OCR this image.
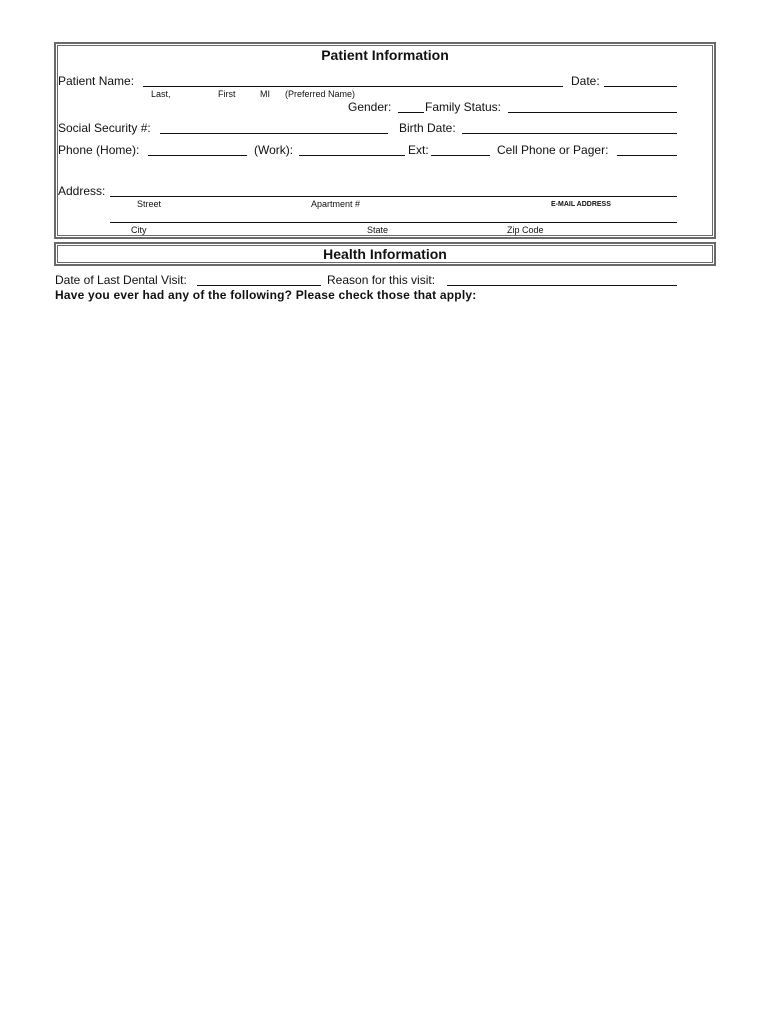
Patient Information
Patient Name:	Date:
Last,	First	MI (Preferred Name)
Gender:	Family Status:
Social Security #:	Birth Date:
Phone (Home):	(Work):	Ext:	Cell Phone or Pager:
Address:
Street	Apartment #	E-MAIL ADDRESS
City	State	Zip Code
Health Information
Date of Last Dental Visit:	Reason for this visit:
Have you ever had any of the following? Please check those that apply:
